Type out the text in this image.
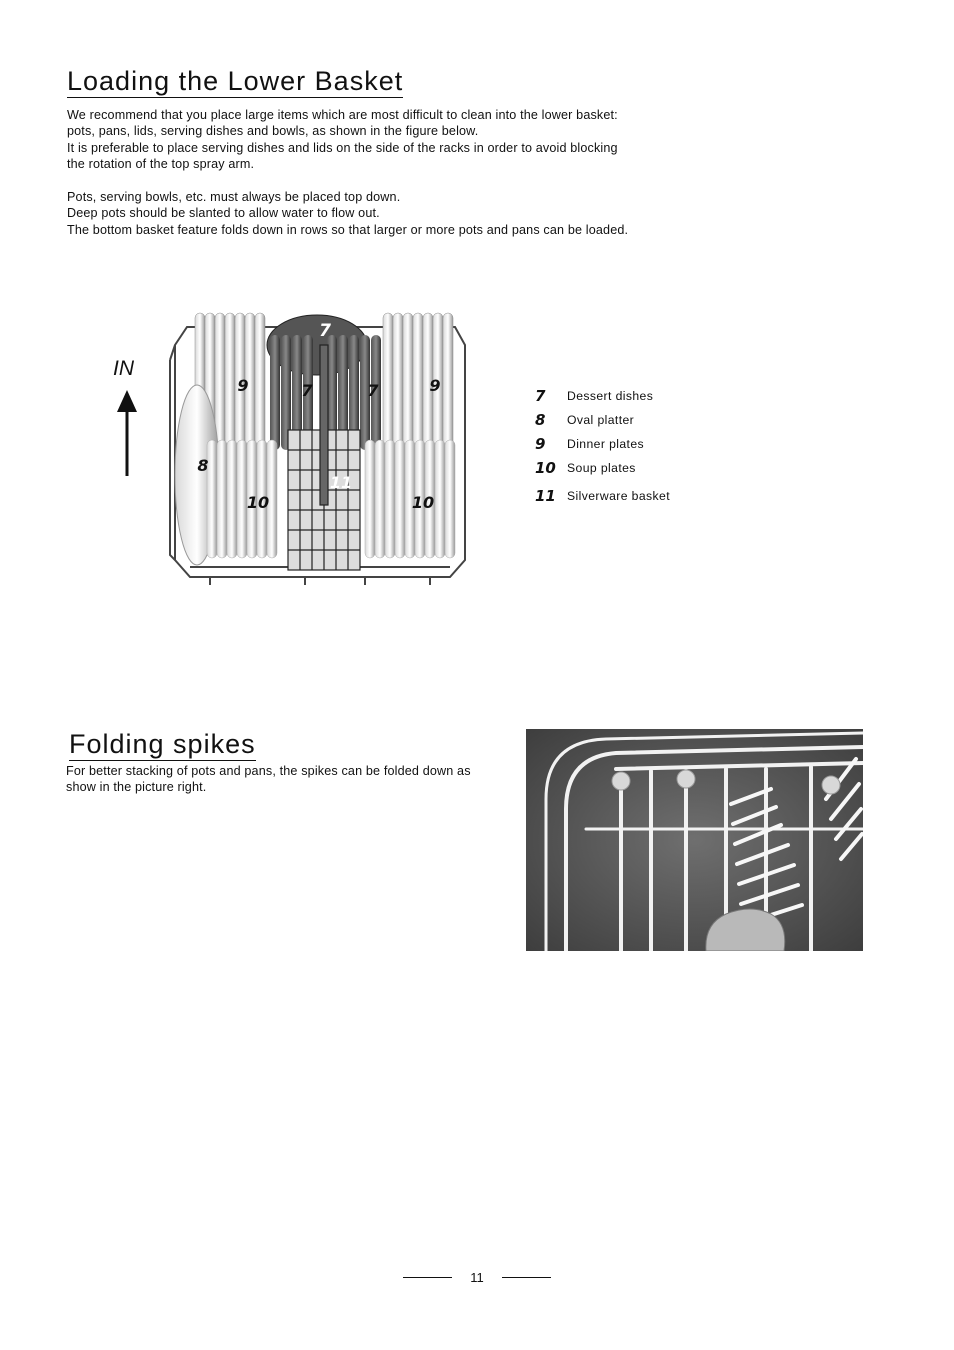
Loading the Lower Basket
We recommend that you place large items which are most difficult to clean into the lower basket:
pots, pans, lids, serving dishes and bowls, as shown in the figure below.
It is preferable to place serving dishes and lids on the side of the racks in order to avoid blocking
the rotation of the top spray arm.
Pots, serving bowls, etc. must always be placed top down.
Deep pots should be slanted to allow water to flow out.
The bottom basket feature folds down in rows so that larger or more pots and pans can be loaded.
IN
7
9	7	7	9
8
11
10	10
7	Dessert dishes
8	Oval platter
9	Dinner plates
10 Soup plates
11 Silverware basket
Folding spikes
For better stacking of pots and pans, the spikes can be folded down as
show in the picture right.
11
